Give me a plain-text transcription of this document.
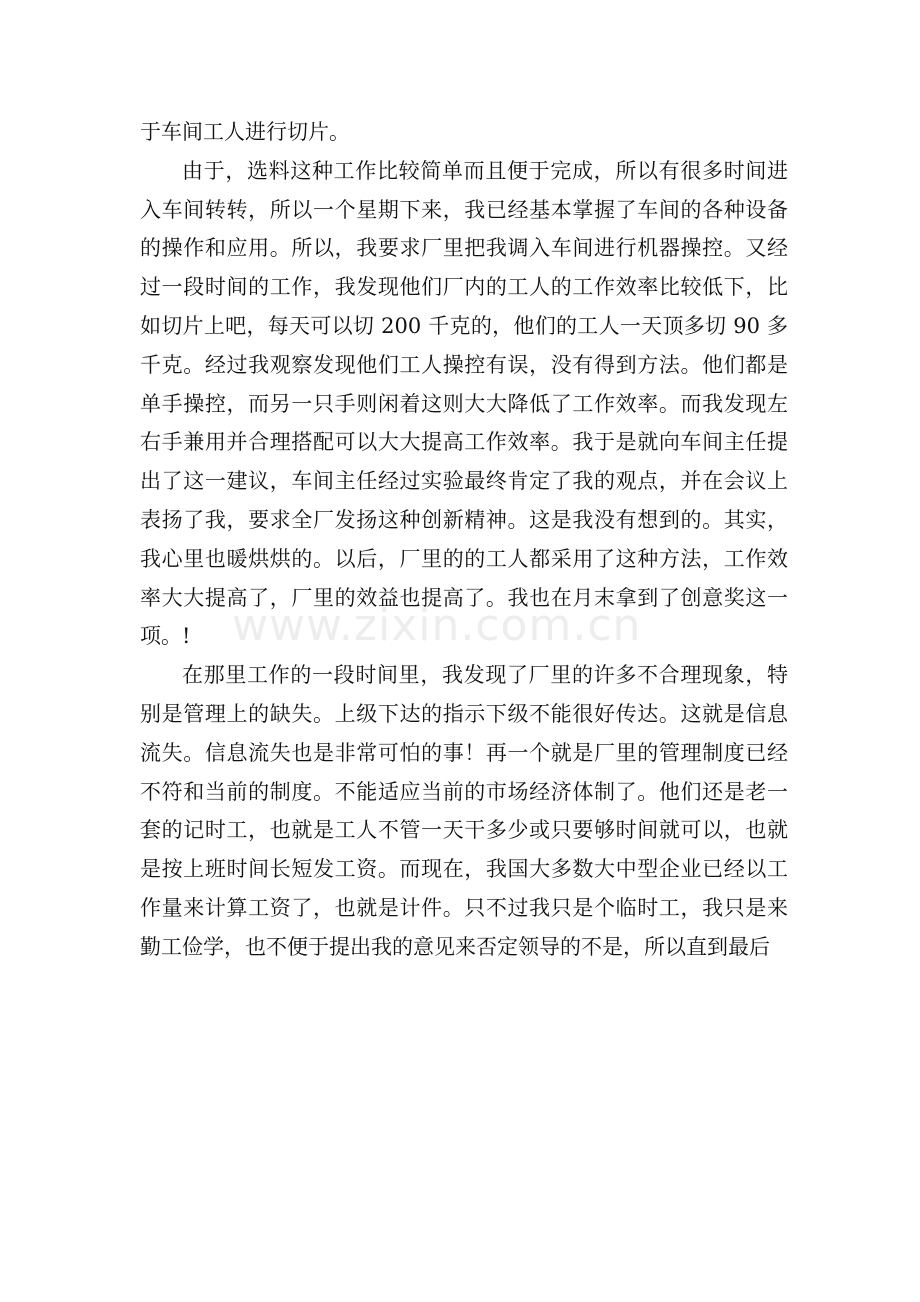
于车间工人进行切片。
由于，选料这种工作比较简单而且便于完成，所以有很多时间进
入车间转转，所以一个星期下来，我已经基本掌握了车间的各种设备
的操作和应用。所以，我要求厂里把我调入车间进行机器操控。又经
过一段时间的工作，我发现他们厂内的工人的工作效率比较低下，比
如切片上吧，每天可以切 200 千克的，他们的工人一天顶多切 90 多
千克。经过我观察发现他们工人操控有误，没有得到方法。他们都是
单手操控，而另一只手则闲着这则大大降低了工作效率。而我发现左
右手兼用并合理搭配可以大大提高工作效率。我于是就向车间主任提
出了这一建议，车间主任经过实验最终肯定了我的观点，并在会议上
表扬了我，要求全厂发扬这种创新精神。这是我没有想到的。其实，
我心里也暖烘烘的。以后，厂里的的工人都采用了这种方法，工作效
率大大提高了，厂里的效益也提高了。我也在月末拿到了创意奖这一
项。!
在那里工作的一段时间里，我发现了厂里的许多不合理现象，特
别是管理上的缺失。上级下达的指示下级不能很好传达。这就是信息
流失。信息流失也是非常可怕的事！再一个就是厂里的管理制度已经
不符和当前的制度。不能适应当前的市场经济体制了。他们还是老一
套的记时工，也就是工人不管一天干多少或只要够时间就可以，也就
是按上班时间长短发工资。而现在，我国大多数大中型企业已经以工
作量来计算工资了，也就是计件。只不过我只是个临时工，我只是来
勤工俭学，也不便于提出我的意见来否定领导的不是，所以直到最后
www.zixin.com.cn
